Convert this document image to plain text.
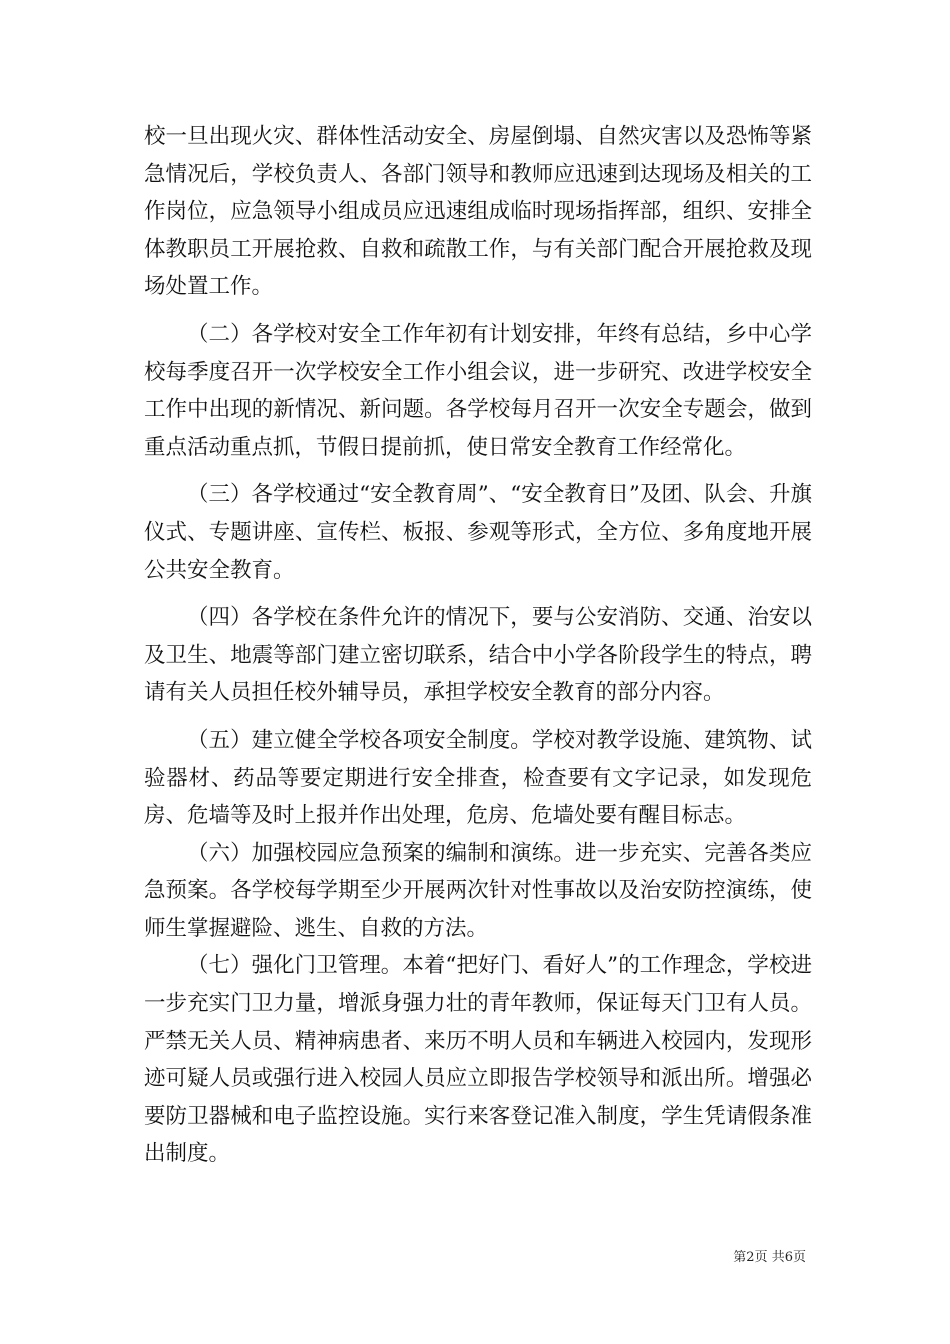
校一旦出现火灾、群体性活动安全、房屋倒塌、自然灾害以及恐怖等紧急情况后，学校负责人、各部门领导和教师应迅速到达现场及相关的工作岗位，应急领导小组成员应迅速组成临时现场指挥部，组织、安排全体教职员工开展抢救、自救和疏散工作，与有关部门配合开展抢救及现场处置工作。

（二）各学校对安全工作年初有计划安排，年终有总结，乡中心学校每季度召开一次学校安全工作小组会议，进一步研究、改进学校安全工作中出现的新情况、新问题。各学校每月召开一次安全专题会，做到重点活动重点抓，节假日提前抓，使日常安全教育工作经常化。

（三）各学校通过“安全教育周”、“安全教育日”及团、队会、升旗仪式、专题讲座、宣传栏、板报、参观等形式，全方位、多角度地开展公共安全教育。

（四）各学校在条件允许的情况下，要与公安消防、交通、治安以及卫生、地震等部门建立密切联系，结合中小学各阶段学生的特点，聘请有关人员担任校外辅导员，承担学校安全教育的部分内容。

（五）建立健全学校各项安全制度。学校对教学设施、建筑物、试验器材、药品等要定期进行安全排查，检查要有文字记录，如发现危房、危墙等及时上报并作出处理，危房、危墙处要有醒目标志。

（六）加强校园应急预案的编制和演练。进一步充实、完善各类应急预案。各学校每学期至少开展两次针对性事故以及治安防控演练，使师生掌握避险、逃生、自救的方法。

（七）强化门卫管理。本着“把好门、看好人”的工作理念，学校进一步充实门卫力量，增派身强力壮的青年教师，保证每天门卫有人员。严禁无关人员、精神病患者、来历不明人员和车辆进入校园内，发现形迹可疑人员或强行进入校园人员应立即报告学校领导和派出所。增强必要防卫器械和电子监控设施。实行来客登记准入制度，学生凭请假条准出制度。

第2页 共6页
